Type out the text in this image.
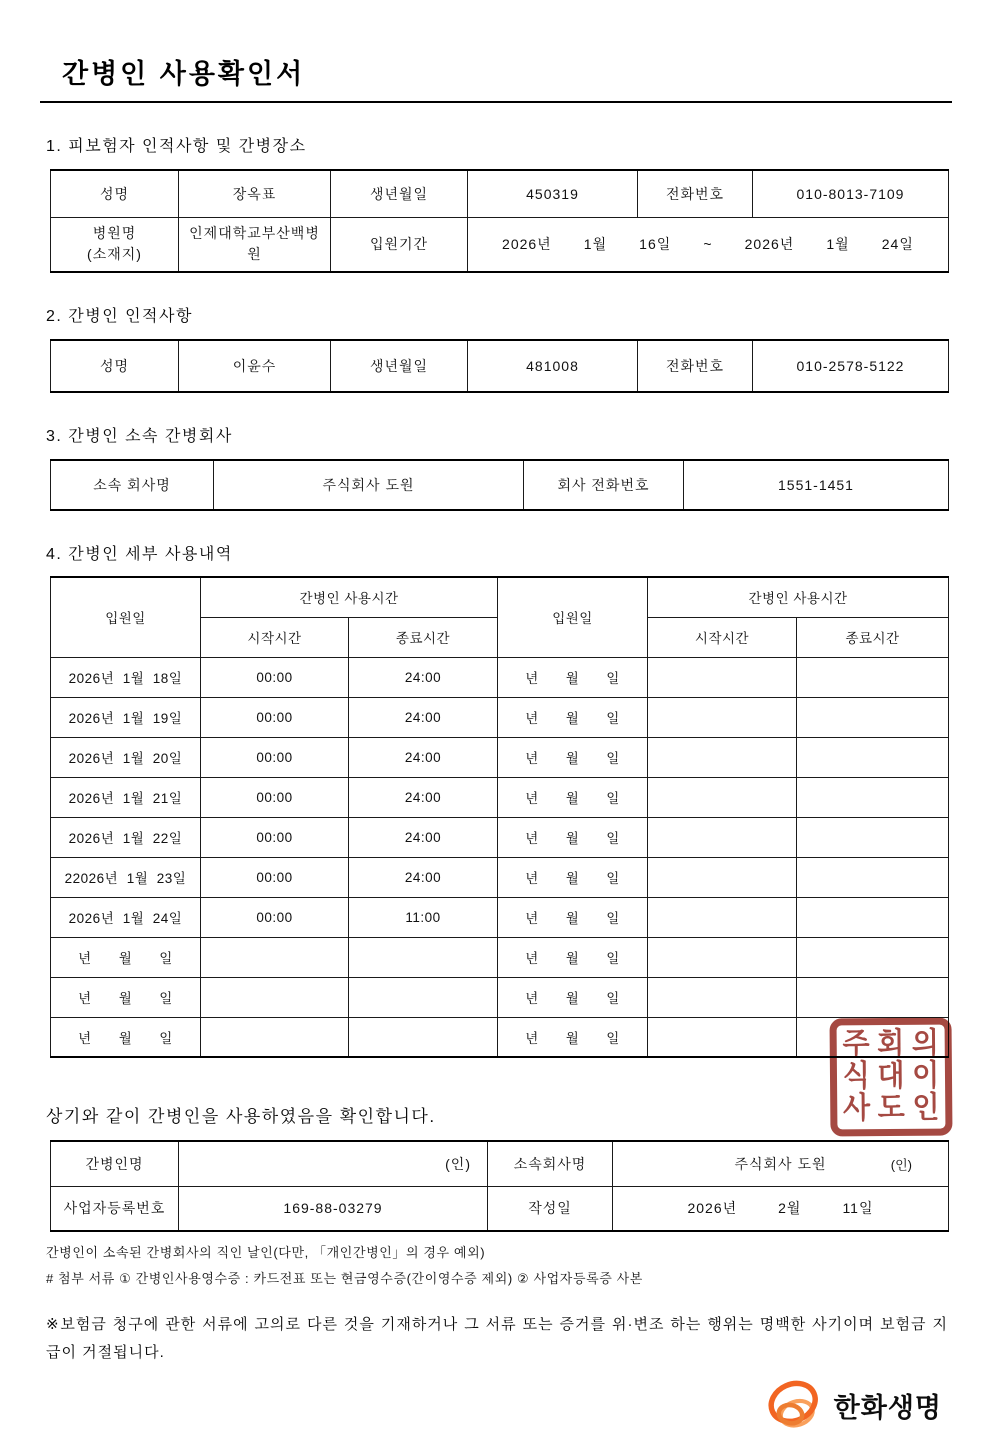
간병인 사용확인서
1. 피보험자 인적사항 및 간병장소
성명	장옥표	생년월일	450319	전화번호	010-8013-7109

병원명
(소재지)
	인제대학교부산백병원	입원기간	2026년 1월 16일 ~ 2026년 1월 24일
2. 간병인 인적사항
성명	이윤수	생년월일	481008	전화번호	010-2578-5122
3. 간병인 소속 간병회사
소속 회사명	주식회사 도원	회사 전화번호	1551-1451
4. 간병인 세부 사용내역
입원일	간병인 사용시간		입원일	간병인 사용시간	
	시작시간	종료시간		시작시간	종료시간
2026년  1월  18일	00:00	24:00	년 월 일		

2026년  1월  19일	00:00	24:00	년 월 일		

2026년  1월  20일	00:00	24:00	년 월 일		

2026년  1월  21일	00:00	24:00	년 월 일		

2026년  1월  22일	00:00	24:00	년 월 일		

22026년  1월  23일	00:00	24:00	년 월 일		

2026년  1월  24일	00:00	11:00	년 월 일		

년 월 일			년 월 일		

년 월 일			년 월 일		

년 월 일			년 월 일		

상기와 같이 간병인을 사용하였음을 확인합니다.
간병인명	(인)	소속회사명	주식회사 도원 (인)

사업자등록번호	169-88-03279	작성일	2026년 2월 11일
간병인이 소속된 간병회사의 직인 날인(다만, 「개인간병인」의 경우 예외)
# 첨부 서류 ① 간병인사용영수증 : 카드전표 또는 현금영수증(간이영수증 제외) ② 사업자등록증 사본
※보험금 청구에 관한 서류에 고의로 다른 것을 기재하거나 그 서류 또는 증거를 위·변조 하는 행위는 명백한 사기이며 보험금 지급이 거절됩니다.
한화생명
주 회 의
식 대 이
사 도 인
